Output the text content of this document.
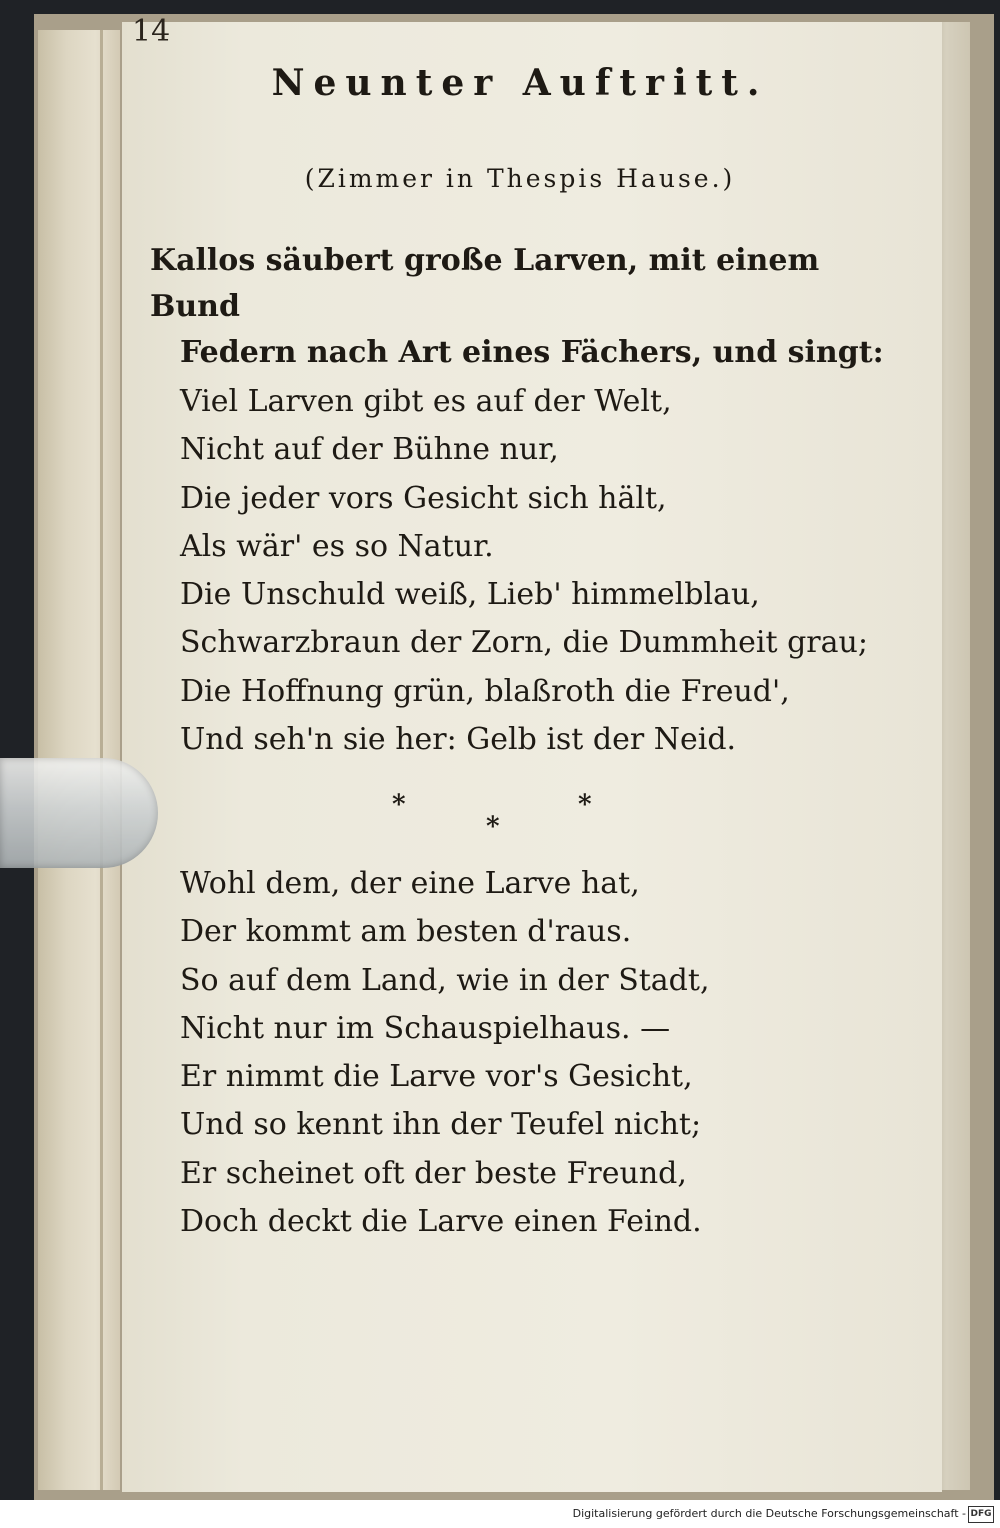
14
Neunter Auftritt.
(Zimmer in Thespis Hause.)
Kallos säubert große Larven, mit einem Bund
Federn nach Art eines Fächers, und singt:
Viel Larven gibt es auf der Welt,
Nicht auf der Bühne nur,
Die jeder vors Gesicht sich hält,
Als wär' es so Natur.
Die Unschuld weiß, Lieb' himmelblau,
Schwarzbraun der Zorn, die Dummheit grau;
Die Hoffnung grün, blaßroth die Freud',
Und seh'n sie her: Gelb ist der Neid.
*	*
*
Wohl dem, der eine Larve hat,
Der kommt am besten d'raus.
So auf dem Land, wie in der Stadt,
Nicht nur im Schauspielhaus. —
Er nimmt die Larve vor's Gesicht,
Und so kennt ihn der Teufel nicht;
Er scheinet oft der beste Freund,
Doch deckt die Larve einen Feind.
Digitalisierung gefördert durch die Deutsche Forschungsgemeinschaft - DFG
